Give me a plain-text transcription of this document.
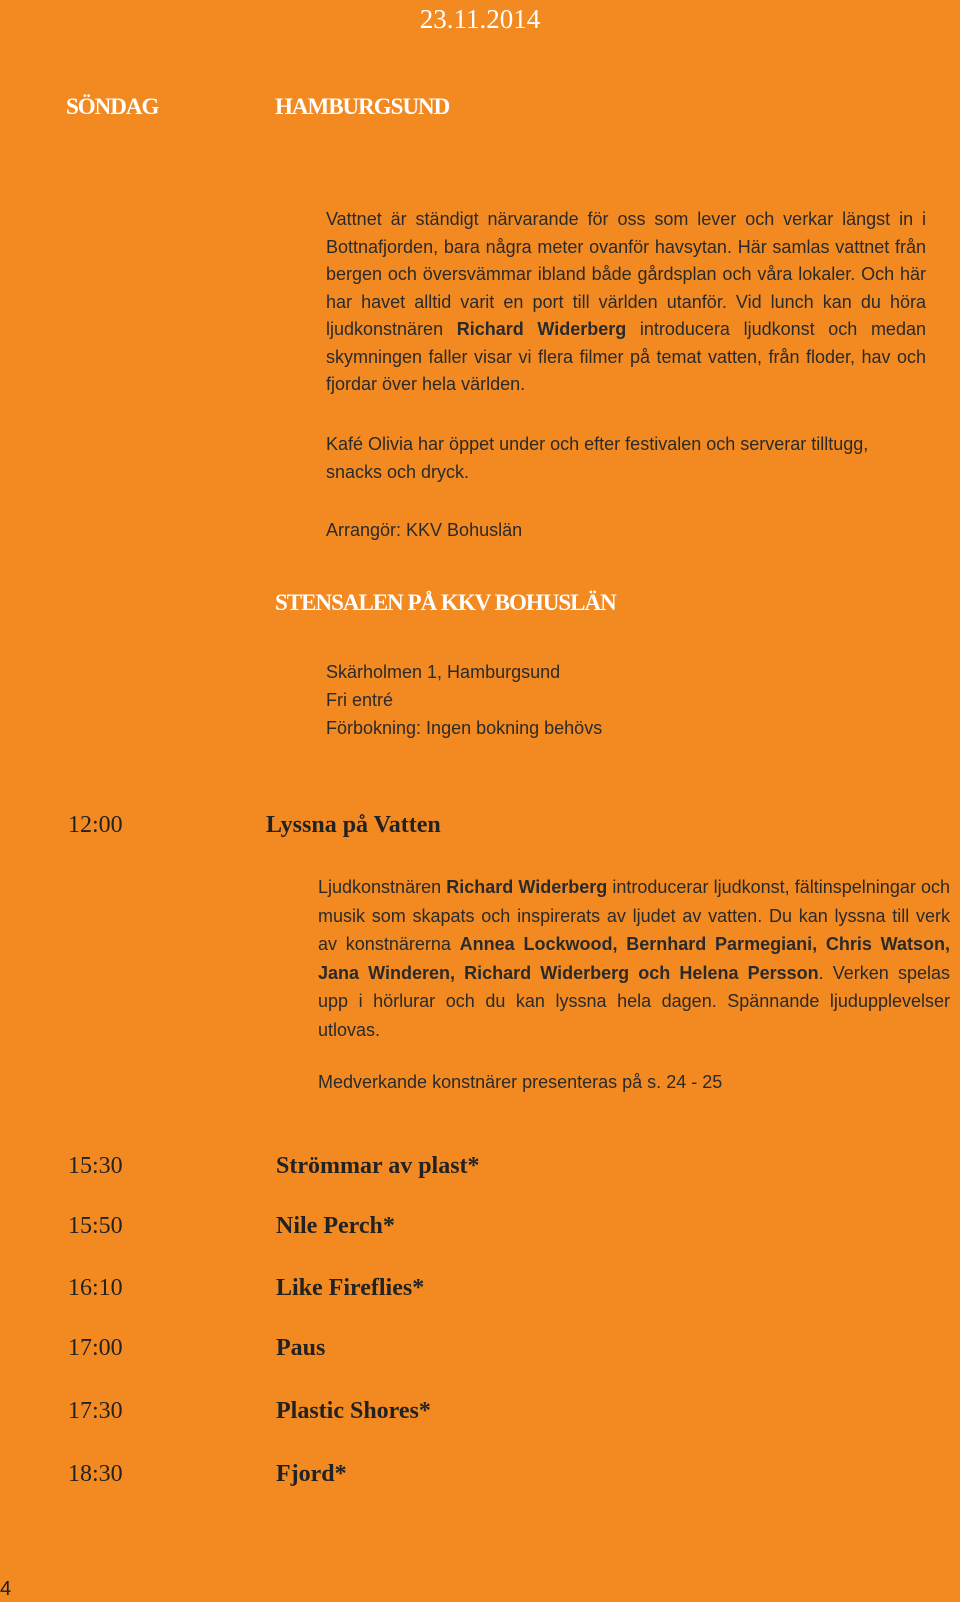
23.11.2014
SÖNDAG	HAMBURGSUND

Vattnet är ständigt närvarande för oss som lever och verkar längst in i Bottnafjorden, bara några meter ovanför havsytan. Här samlas vattnet från bergen och översvämmar ibland både gårdsplan och våra lokaler. Och här har havet alltid varit en port till världen utanför. Vid lunch kan du höra ljudkonstnären Richard Widerberg introducera ljudkonst och medan skymningen faller visar vi flera filmer på temat vatten, från floder, hav och fjordar över hela världen.

Kafé Olivia har öppet under och efter festivalen och serverar tilltugg, snacks och dryck.

Arrangör: KKV Bohuslän

STENSALEN PÅ KKV BOHUSLÄN
Skärholmen 1, Hamburgsund
Fri entré
Förbokning: Ingen bokning behövs
12:00	Lyssna på Vatten

Ljudkonstnären Richard Widerberg introducerar ljudkonst, fältinspelningar och musik som skapats och inspirerats av ljudet av vatten. Du kan lyssna till verk av konstnärerna Annea Lockwood, Bernhard Parmegiani, Chris Watson, Jana Winderen, Richard Widerberg och Helena Persson. Verken spelas upp i hörlurar och du kan lyssna hela dagen. Spännande ljudupplevelser utlovas.

Medverkande konstnärer presenteras på s. 24 - 25

15:30	Strömmar av plast*
15:50	Nile Perch*
16:10	Like Fireflies*
17:00	Paus
17:30	Plastic Shores*
18:30	Fjord*
4
